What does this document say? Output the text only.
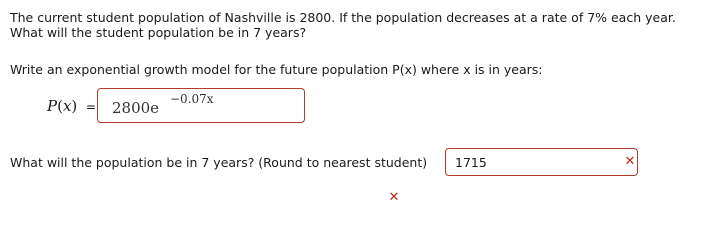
The current student population of Nashville is 2800. If the population decreases at a rate of 7% each year.
What will the student population be in 7 years?
Write an exponential growth model for the future population P(x) where x is in years:
P(x) = 2800e −0.07x
✕
What will the population be in 7 years? (Round to nearest student) 1715	✕
